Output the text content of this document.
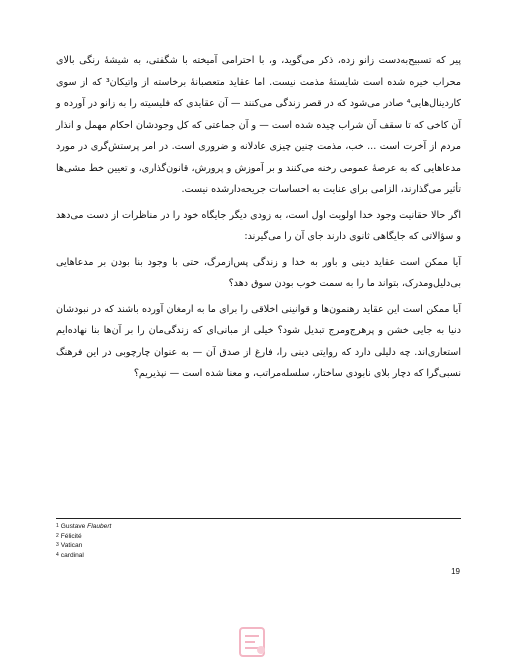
پیر که تسبیح‌به‌دست زانو زده، ذکر می‌گوید، و، با احترامی آمیخته با شگفتی، به شیشهٔ رنگی بالای محراب خیره شده است شایستهٔ مذمت نیست. اما عقاید متعصبانهٔ برخاسته از واتیکان³ که از سوی کاردینال‌هایی⁴ صادر می‌شود که در قصر زندگی می‌کنند — آن عقایدی که فلیسیته را به زانو در آورده و آن کاخی که تا سقف آن شراب چیده شده است — و آن جماعتی که کل وجودشان احکام مهمل و انذار مردم از آخرت است ... خب، مذمت چنین چیزی عادلانه و ضروری است. در امر پرستش‌گری در مورد مدعاهایی که به عرصهٔ عمومی رخنه می‌کنند و بر آموزش و پرورش، قانون‌گذاری، و تعیین خط مشی‌ها تأثیر می‌گذارند، الزامی برای عنایت به احساسات جریحه‌دارشده نیست.

اگر حالا حقانیت وجود خدا اولویت اول است، به زودی دیگر جایگاه خود را در مناظرات از دست می‌دهد و سؤالاتی که جایگاهی ثانوی دارند جای آن را می‌گیرند:

آیا ممکن است عقاید دینی و باور به خدا و زندگی پس‌ازمرگ، حتی با وجود بنا بودن بر مدعاهایی بی‌دلیل‌ومدرک، بتواند ما را به سمت خوب بودن سوق دهد؟

آیا ممکن است این عقاید رهنمون‌ها و قوانینی اخلاقی را برای ما به ارمغان آورده باشند که در نبودشان دنیا به جایی خشن و پرهرج‌ومرج تبدیل شود؟ خیلی از مبانی‌ای که زندگی‌مان را بر آن‌ها بنا نهاده‌ایم استعاری‌اند. چه دلیلی دارد که روایتی دینی را، فارغ از صدق آن — به عنوان چارچوبی در این فرهنگ نسبی‌گرا که دچار بلای نابودی ساختار، سلسله‌مراتب، و معنا شده است — نپذیریم؟

$^1$ Gustave Flaubert
$^2$ Félicité
$^3$ Vatican
$^4$ cardinal
19
